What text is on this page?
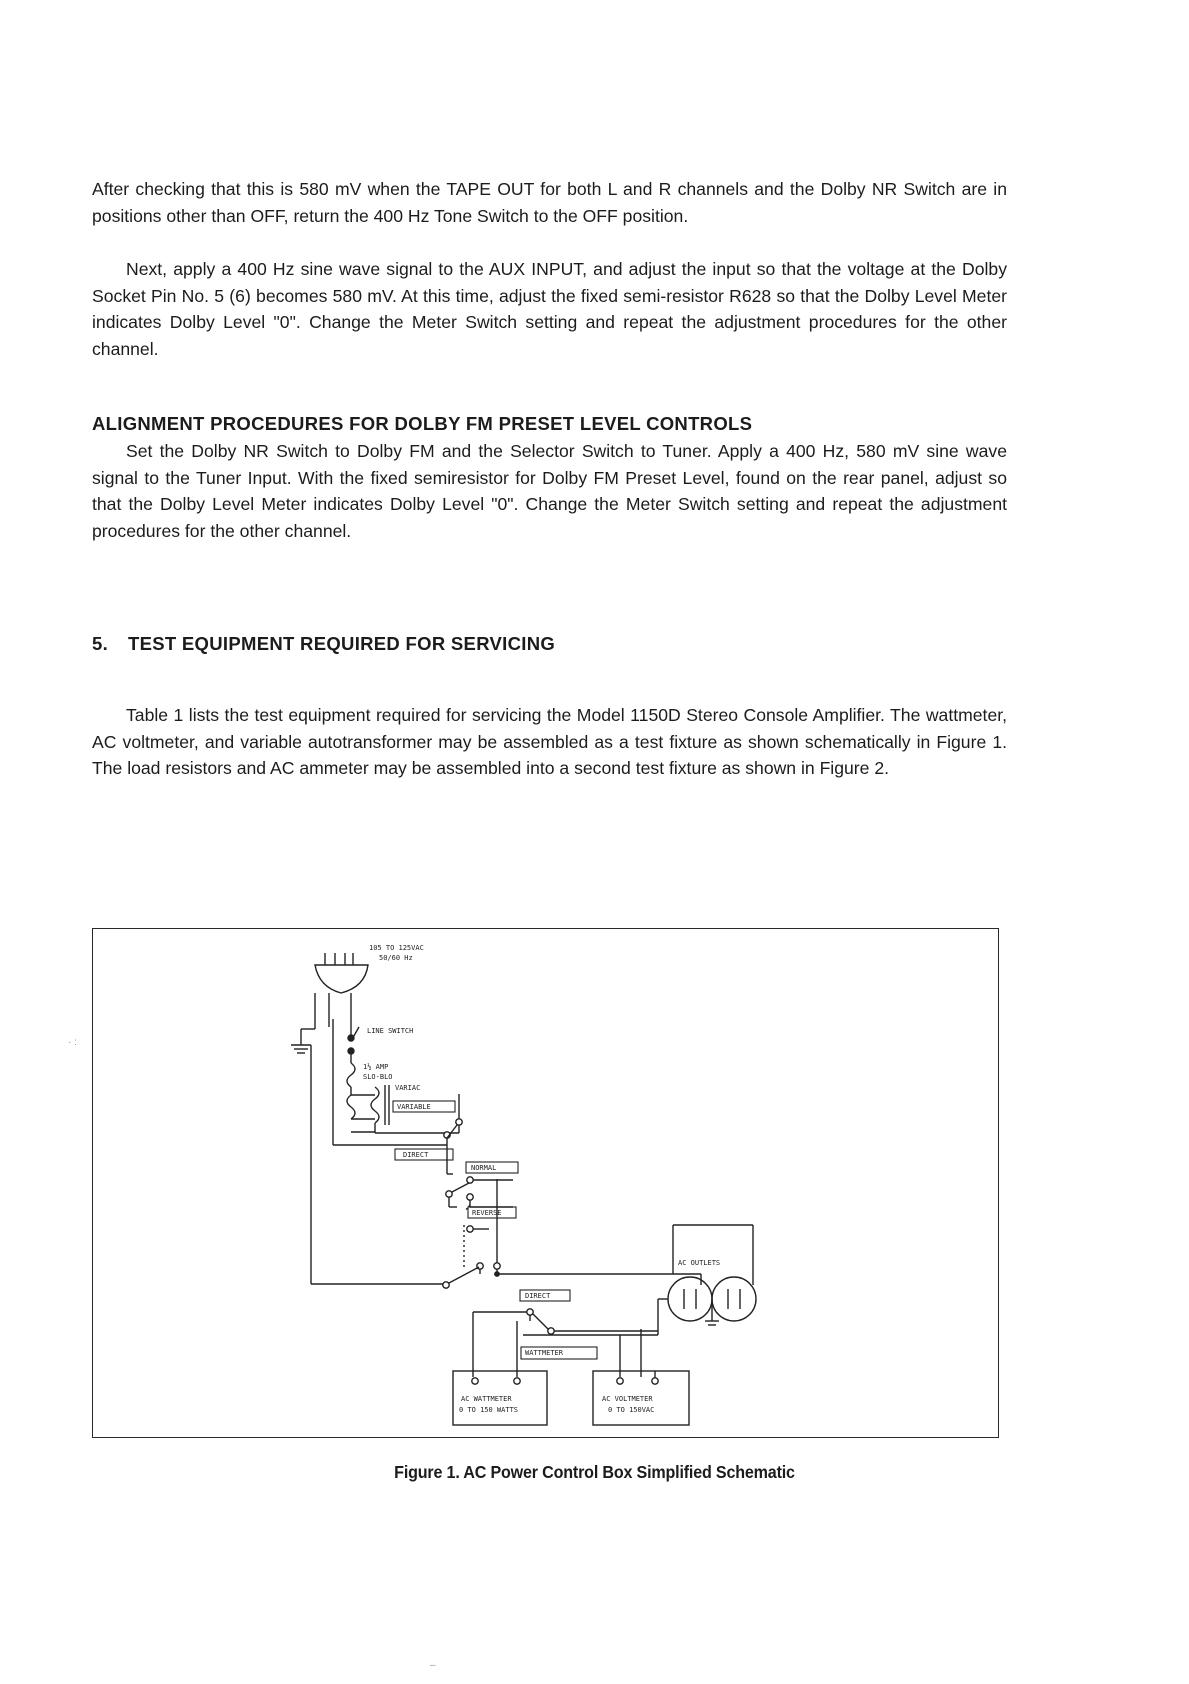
After checking that this is 580 mV when the TAPE OUT for both L and R channels and the Dolby NR Switch are in positions other than OFF, return the 400 Hz Tone Switch to the OFF position.

Next, apply a 400 Hz sine wave signal to the AUX INPUT, and adjust the input so that the voltage at the Dolby Socket Pin No. 5 (6) becomes 580 mV. At this time, adjust the fixed semi-resistor R628 so that the Dolby Level Meter indicates Dolby Level "0". Change the Meter Switch setting and repeat the adjustment procedures for the other channel.

ALIGNMENT PROCEDURES FOR DOLBY FM PRESET LEVEL CONTROLS

Set the Dolby NR Switch to Dolby FM and the Selector Switch to Tuner. Apply a 400 Hz, 580 mV sine wave signal to the Tuner Input. With the fixed semiresistor for Dolby FM Preset Level, found on the rear panel, adjust so that the Dolby Level Meter indicates Dolby Level "0". Change the Meter Switch setting and repeat the adjustment procedures for the other channel.

5. TEST EQUIPMENT REQUIRED FOR SERVICING

Table 1 lists the test equipment required for servicing the Model 1150D Stereo Console Amplifier. The wattmeter, AC voltmeter, and variable autotransformer may be assembled as a test fixture as shown schematically in Figure 1. The load resistors and AC ammeter may be assembled into a second test fixture as shown in Figure 2.

· :
–
105 TO 125VAC
50/60 Hz
LINE SWITCH
1½ AMP
SLO-BLO
VARIAC
VARIABLE
DIRECT
NORMAL
REVERSE
DIRECT
AC OUTLETS
WATTMETER
AC WATTMETER
0 TO 150 WATTS
AC VOLTMETER
0 TO 150VAC
Figure 1. AC Power Control Box Simplified Schematic
